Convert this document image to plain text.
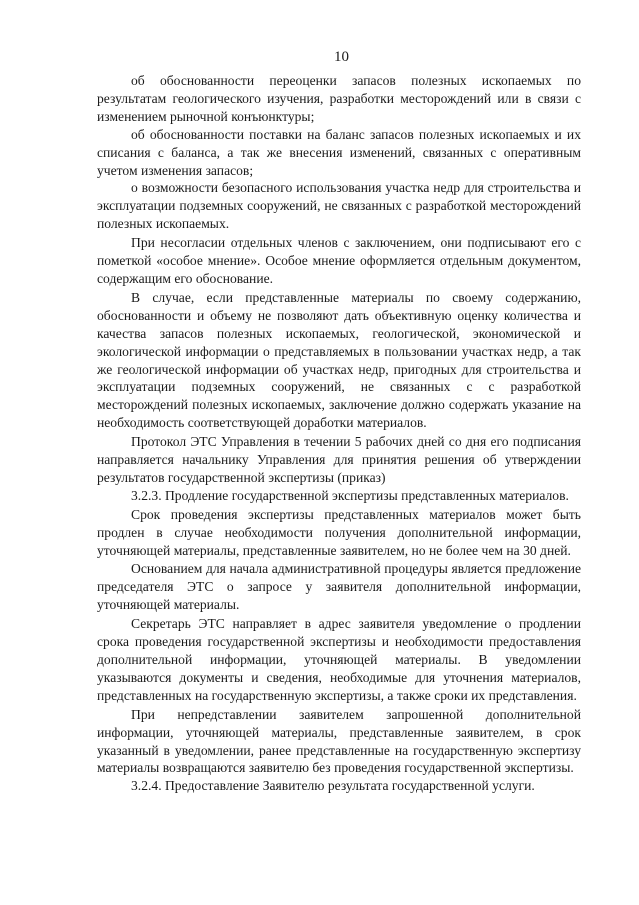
10

об обоснованности переоценки запасов полезных ископаемых по результатам геологического изучения, разработки месторождений или в связи с изменением рыночной конъюнктуры;

об обоснованности поставки на баланс запасов полезных ископаемых и их списания с баланса, а так же внесения изменений, связанных с оперативным учетом изменения запасов;

о возможности безопасного использования участка недр для строительства и эксплуатации подземных сооружений, не связанных с разработкой месторождений полезных ископаемых.

При несогласии отдельных членов с заключением, они подписывают его с пометкой «особое мнение». Особое мнение оформляется отдельным документом, содержащим его обоснование.

В случае, если представленные материалы по своему содержанию, обоснованности и объему не позволяют дать объективную оценку количества и качества запасов полезных ископаемых, геологической, экономической и экологической информации о представляемых в пользовании участках недр, а так же геологической информации об участках недр, пригодных для строительства и эксплуатации подземных сооружений, не связанных с с разработкой месторождений полезных ископаемых, заключение должно содержать указание на необходимость соответствующей доработки материалов.

Протокол ЭТС Управления в течении 5 рабочих дней со дня его подписания направляется начальнику Управления для принятия решения об утверждении результатов государственной экспертизы (приказ)

3.2.3. Продление государственной экспертизы представленных материалов.

Срок проведения экспертизы представленных материалов может быть продлен в случае необходимости получения дополнительной информации, уточняющей материалы, представленные заявителем, но не более чем на 30 дней.

Основанием для начала административной процедуры является предложение председателя ЭТС о запросе у заявителя дополнительной информации, уточняющей материалы.

Секретарь ЭТС направляет в адрес заявителя уведомление о продлении срока проведения государственной экспертизы и необходимости предоставления дополнительной информации, уточняющей материалы. В уведомлении указываются документы и сведения, необходимые для уточнения материалов, представленных на государственную экспертизы, а также сроки их представления.

При непредставлении заявителем запрошенной дополнительной информации, уточняющей материалы, представленные заявителем, в срок указанный в уведомлении, ранее представленные на государственную экспертизу материалы возвращаются заявителю без проведения государственной экспертизы.

3.2.4. Предоставление Заявителю результата государственной услуги.
